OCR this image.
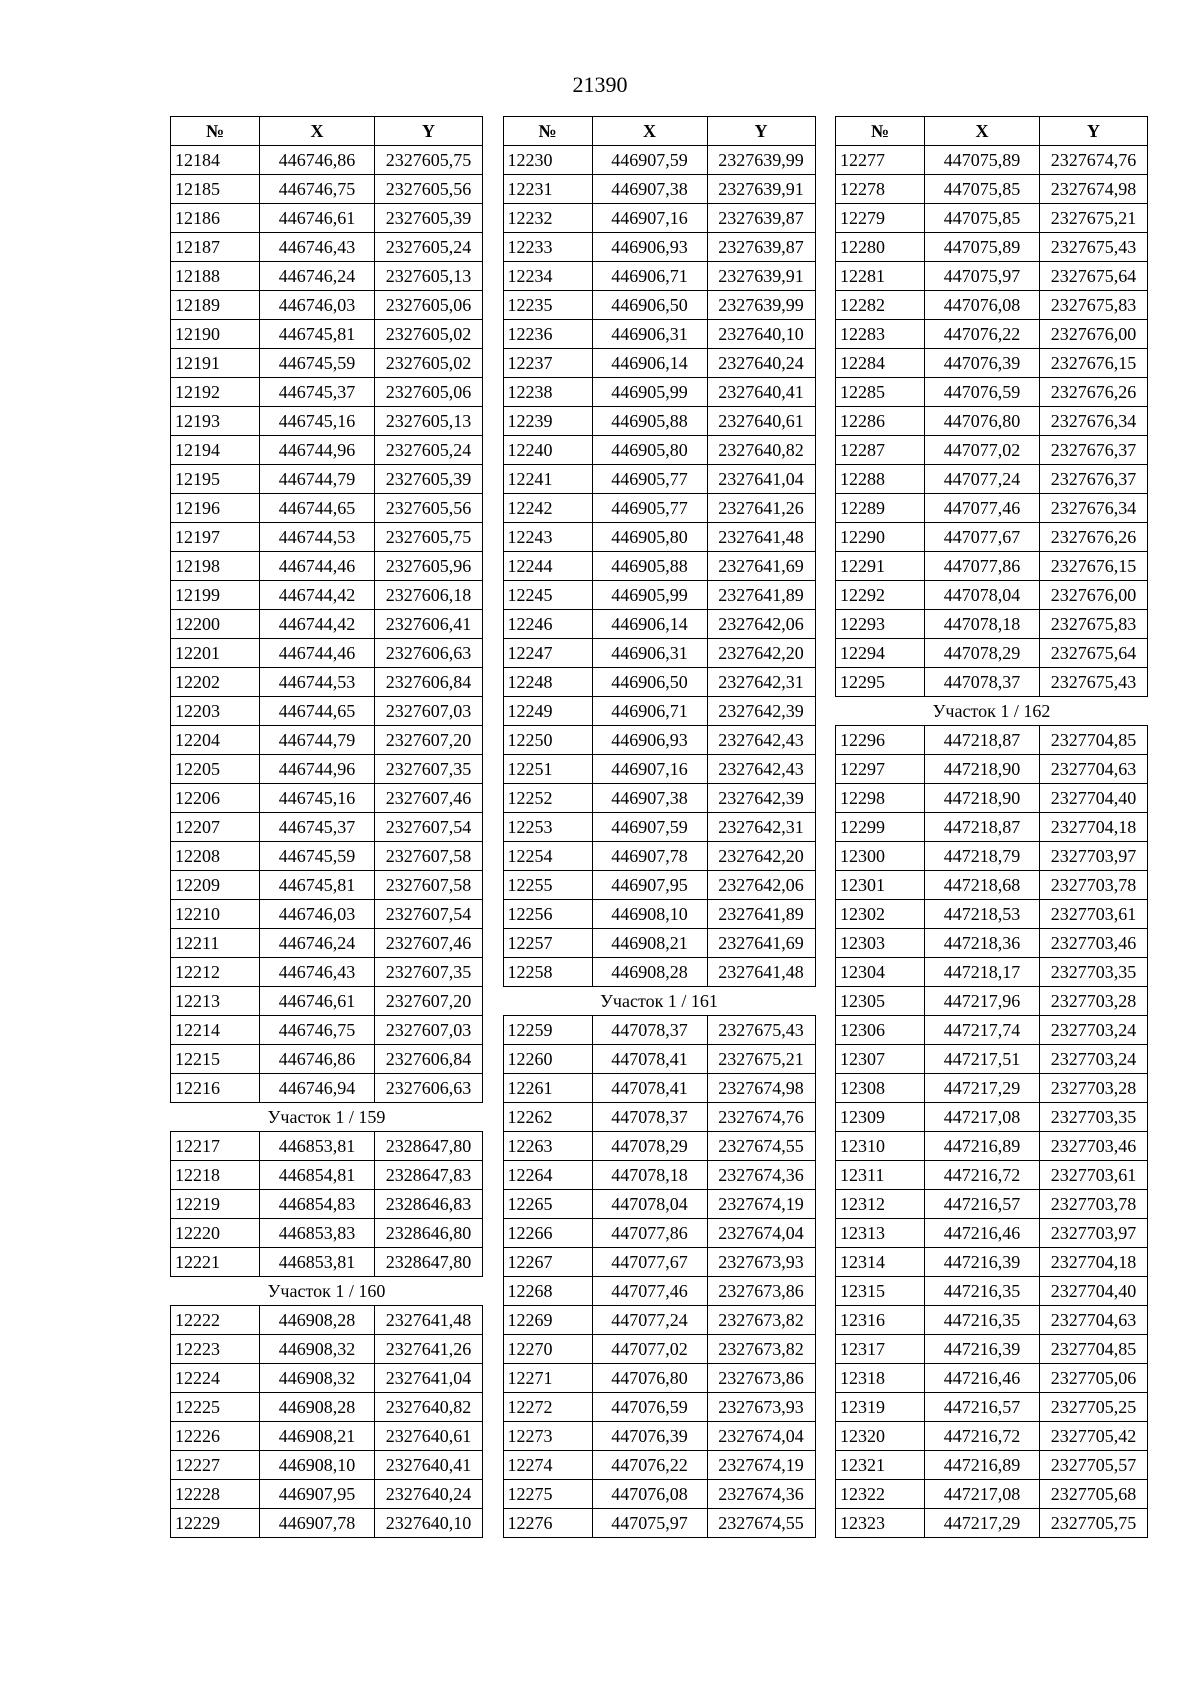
21390
№	X	Y
12184	446746,86	2327605,75
12185	446746,75	2327605,56
12186	446746,61	2327605,39
12187	446746,43	2327605,24
12188	446746,24	2327605,13
12189	446746,03	2327605,06
12190	446745,81	2327605,02
12191	446745,59	2327605,02
12192	446745,37	2327605,06
12193	446745,16	2327605,13
12194	446744,96	2327605,24
12195	446744,79	2327605,39
12196	446744,65	2327605,56
12197	446744,53	2327605,75
12198	446744,46	2327605,96
12199	446744,42	2327606,18
12200	446744,42	2327606,41
12201	446744,46	2327606,63
12202	446744,53	2327606,84
12203	446744,65	2327607,03
12204	446744,79	2327607,20
12205	446744,96	2327607,35
12206	446745,16	2327607,46
12207	446745,37	2327607,54
12208	446745,59	2327607,58
12209	446745,81	2327607,58
12210	446746,03	2327607,54
12211	446746,24	2327607,46
12212	446746,43	2327607,35
12213	446746,61	2327607,20
12214	446746,75	2327607,03
12215	446746,86	2327606,84
12216	446746,94	2327606,63
Участок 1 / 159		
12217	446853,81	2328647,80
12218	446854,81	2328647,83
12219	446854,83	2328646,83
12220	446853,83	2328646,80
12221	446853,81	2328647,80
Участок 1 / 160		
12222	446908,28	2327641,48
12223	446908,32	2327641,26
12224	446908,32	2327641,04
12225	446908,28	2327640,82
12226	446908,21	2327640,61
12227	446908,10	2327640,41
12228	446907,95	2327640,24
12229	446907,78	2327640,10
№	X	Y
12230	446907,59	2327639,99
12231	446907,38	2327639,91
12232	446907,16	2327639,87
12233	446906,93	2327639,87
12234	446906,71	2327639,91
12235	446906,50	2327639,99
12236	446906,31	2327640,10
12237	446906,14	2327640,24
12238	446905,99	2327640,41
12239	446905,88	2327640,61
12240	446905,80	2327640,82
12241	446905,77	2327641,04
12242	446905,77	2327641,26
12243	446905,80	2327641,48
12244	446905,88	2327641,69
12245	446905,99	2327641,89
12246	446906,14	2327642,06
12247	446906,31	2327642,20
12248	446906,50	2327642,31
12249	446906,71	2327642,39
12250	446906,93	2327642,43
12251	446907,16	2327642,43
12252	446907,38	2327642,39
12253	446907,59	2327642,31
12254	446907,78	2327642,20
12255	446907,95	2327642,06
12256	446908,10	2327641,89
12257	446908,21	2327641,69
12258	446908,28	2327641,48
Участок 1 / 161		
12259	447078,37	2327675,43
12260	447078,41	2327675,21
12261	447078,41	2327674,98
12262	447078,37	2327674,76
12263	447078,29	2327674,55
12264	447078,18	2327674,36
12265	447078,04	2327674,19
12266	447077,86	2327674,04
12267	447077,67	2327673,93
12268	447077,46	2327673,86
12269	447077,24	2327673,82
12270	447077,02	2327673,82
12271	447076,80	2327673,86
12272	447076,59	2327673,93
12273	447076,39	2327674,04
12274	447076,22	2327674,19
12275	447076,08	2327674,36
12276	447075,97	2327674,55
№	X	Y
12277	447075,89	2327674,76
12278	447075,85	2327674,98
12279	447075,85	2327675,21
12280	447075,89	2327675,43
12281	447075,97	2327675,64
12282	447076,08	2327675,83
12283	447076,22	2327676,00
12284	447076,39	2327676,15
12285	447076,59	2327676,26
12286	447076,80	2327676,34
12287	447077,02	2327676,37
12288	447077,24	2327676,37
12289	447077,46	2327676,34
12290	447077,67	2327676,26
12291	447077,86	2327676,15
12292	447078,04	2327676,00
12293	447078,18	2327675,83
12294	447078,29	2327675,64
12295	447078,37	2327675,43
Участок 1 / 162		
12296	447218,87	2327704,85
12297	447218,90	2327704,63
12298	447218,90	2327704,40
12299	447218,87	2327704,18
12300	447218,79	2327703,97
12301	447218,68	2327703,78
12302	447218,53	2327703,61
12303	447218,36	2327703,46
12304	447218,17	2327703,35
12305	447217,96	2327703,28
12306	447217,74	2327703,24
12307	447217,51	2327703,24
12308	447217,29	2327703,28
12309	447217,08	2327703,35
12310	447216,89	2327703,46
12311	447216,72	2327703,61
12312	447216,57	2327703,78
12313	447216,46	2327703,97
12314	447216,39	2327704,18
12315	447216,35	2327704,40
12316	447216,35	2327704,63
12317	447216,39	2327704,85
12318	447216,46	2327705,06
12319	447216,57	2327705,25
12320	447216,72	2327705,42
12321	447216,89	2327705,57
12322	447217,08	2327705,68
12323	447217,29	2327705,75
